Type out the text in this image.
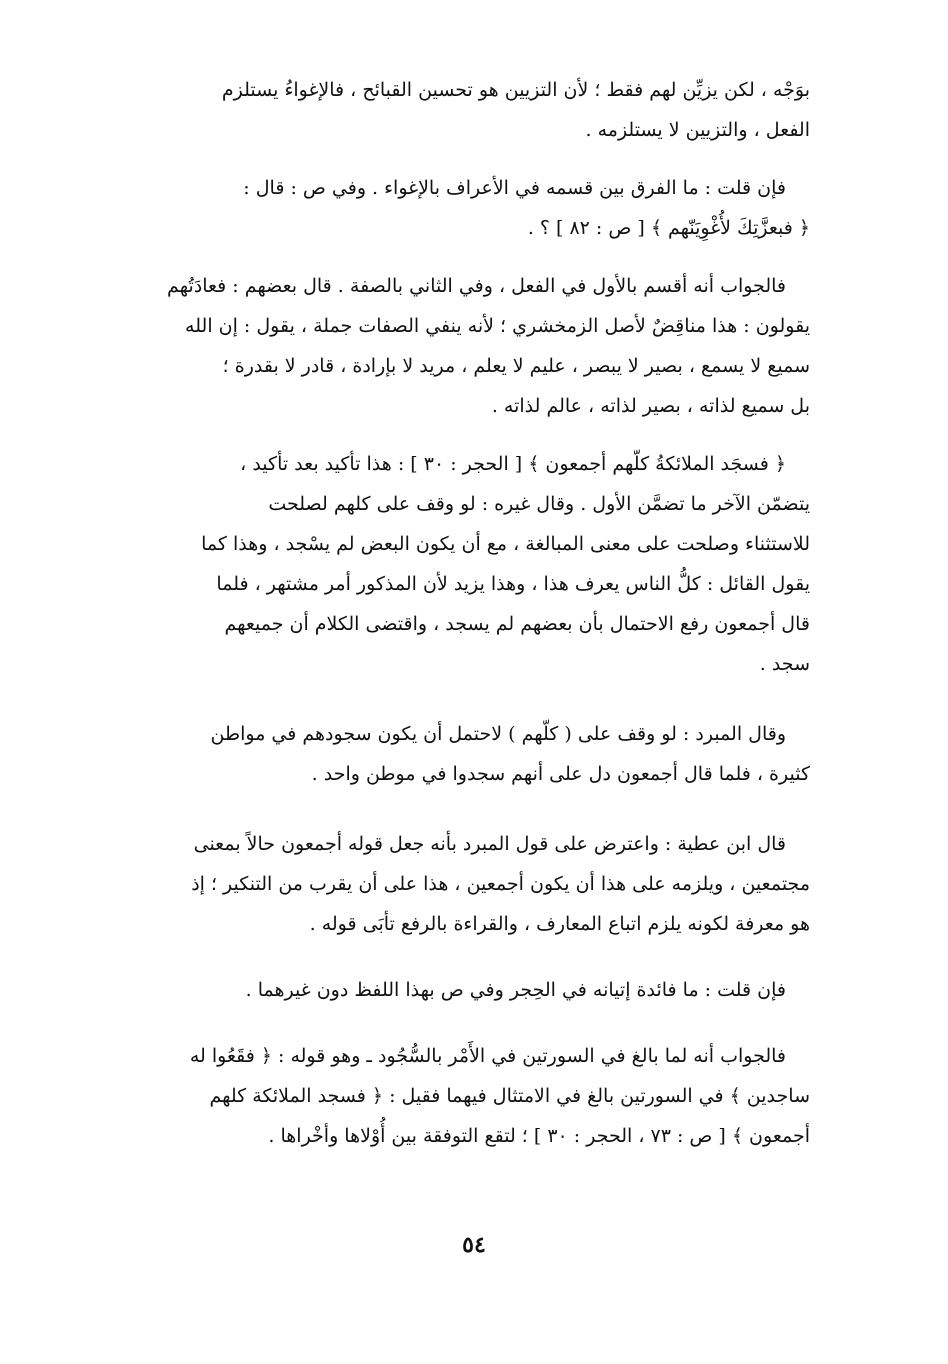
بوَجْه ، لكن يزيِّن لهم فقط ؛ لأن التزيين هو تحسين القبائح ، فالإغواءُ يستلزم
الفعل ، والتزيين لا يستلزمه .

فإن قلت : ما الفرق بين قسمه في الأعراف بالإغواء . وفي ص : قال :
﴿ فبعزَّتِكَ لأُغْوِيَنّهم ﴾ [ ص : ٨٢ ] ؟ .

فالجواب أنه أقسم بالأول في الفعل ، وفي الثاني بالصفة . قال بعضهم : فعادَتُهم
يقولون : هذا مناقِضٌ لأصل الزمخشري ؛ لأنه ينفي الصفات جملة ، يقول : إن الله
سميع لا يسمع ، بصير لا يبصر ، عليم لا يعلم ، مريد لا بإرادة ، قادر لا بقدرة ؛
بل سميع لذاته ، بصير لذاته ، عالم لذاته .

﴿ فسجَد الملائكةُ كلّهم أجمعون ﴾ [ الحجر : ٣٠ ] : هذا تأكيد بعد تأكيد ،
يتضمّن الآخر ما تضمَّن الأول . وقال غيره : لو وقف على كلهم لصلحت
للاستثناء وصلحت على معنى المبالغة ، مع أن يكون البعض لم يسْجد ، وهذا كما
يقول القائل : كلُّ الناس يعرف هذا ، وهذا يزيد لأن المذكور أمر مشتهر ، فلما
قال أجمعون رفع الاحتمال بأن بعضهم لم يسجد ، واقتضى الكلام أن جميعهم
سجد .

وقال المبرد : لو وقف على ( كلّهم ) لاحتمل أن يكون سجودهم في مواطن
كثيرة ، فلما قال أجمعون دل على أنهم سجدوا في موطن واحد .

قال ابن عطية : واعترض على قول المبرد بأنه جعل قوله أجمعون حالاً بمعنى
مجتمعين ، ويلزمه على هذا أن يكون أجمعين ، هذا على أن يقرب من التنكير ؛ إذ
هو معرفة لكونه يلزم اتباع المعارف ، والقراءة بالرفع تأبَى قوله .

فإن قلت : ما فائدة إتيانه في الحِجر وفي ص بهذا اللفظ دون غيرهما .

فالجواب أنه لما بالغ في السورتين في الأَمْر بالسُّجُود ـ وهو قوله : ﴿ فقَعُوا له
ساجدين ﴾ في السورتين بالغ في الامتثال فيهما فقيل : ﴿ فسجد الملائكة كلهم
أجمعون ﴾ [ ص : ٧٣ ، الحجر : ٣٠ ] ؛ لتقع التوفقة بين أُوْلاها وأخْراها .

٥٤
